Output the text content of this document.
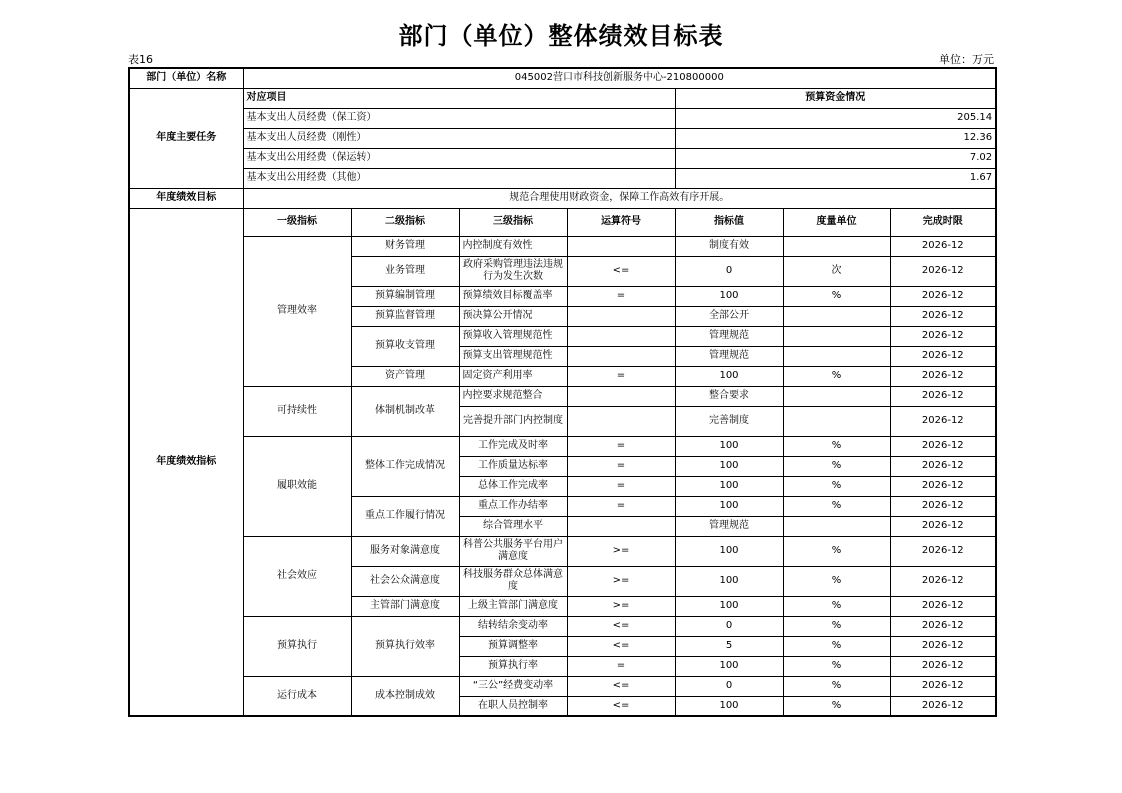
部门（单位）整体绩效目标表
表16	单位：万元
部门（单位）名称	045002营口市科技创新服务中心-210800000						
年度主要任务	对应项目				预算资金情况		
	基本支出人员经费（保工资）				205.14		
	基本支出人员经费（刚性）				12.36		
	基本支出公用经费（保运转）				7.02		
	基本支出公用经费（其他）				1.67		
年度绩效目标	规范合理使用财政资金，保障工作高效有序开展。						
年度绩效指标	一级指标	二级指标	三级指标	运算符号	指标值	度量单位	完成时限
	管理效率	财务管理	内控制度有效性		制度有效		2026-12
		业务管理	政府采购管理违法违规行为发生次数	<=	0	次	2026-12
		预算编制管理	预算绩效目标覆盖率	=	100	%	2026-12
		预算监督管理	预决算公开情况		全部公开		2026-12
		预算收支管理	预算收入管理规范性		管理规范		2026-12
			预算支出管理规范性		管理规范		2026-12
		资产管理	固定资产利用率	=	100	%	2026-12
	可持续性	体制机制改革	内控要求规范整合		整合要求		2026-12
			完善提升部门内控制度		完善制度		2026-12
	履职效能	整体工作完成情况	工作完成及时率	=	100	%	2026-12
			工作质量达标率	=	100	%	2026-12
			总体工作完成率	=	100	%	2026-12
		重点工作履行情况	重点工作办结率	=	100	%	2026-12
			综合管理水平		管理规范		2026-12
	社会效应	服务对象满意度	科普公共服务平台用户满意度	>=	100	%	2026-12
		社会公众满意度	科技服务群众总体满意度	>=	100	%	2026-12
		主管部门满意度	上级主管部门满意度	>=	100	%	2026-12
	预算执行	预算执行效率	结转结余变动率	<=	0	%	2026-12
			预算调整率	<=	5	%	2026-12
			预算执行率	=	100	%	2026-12
	运行成本	成本控制成效	“三公”经费变动率	<=	0	%	2026-12
			在职人员控制率	<=	100	%	2026-12
